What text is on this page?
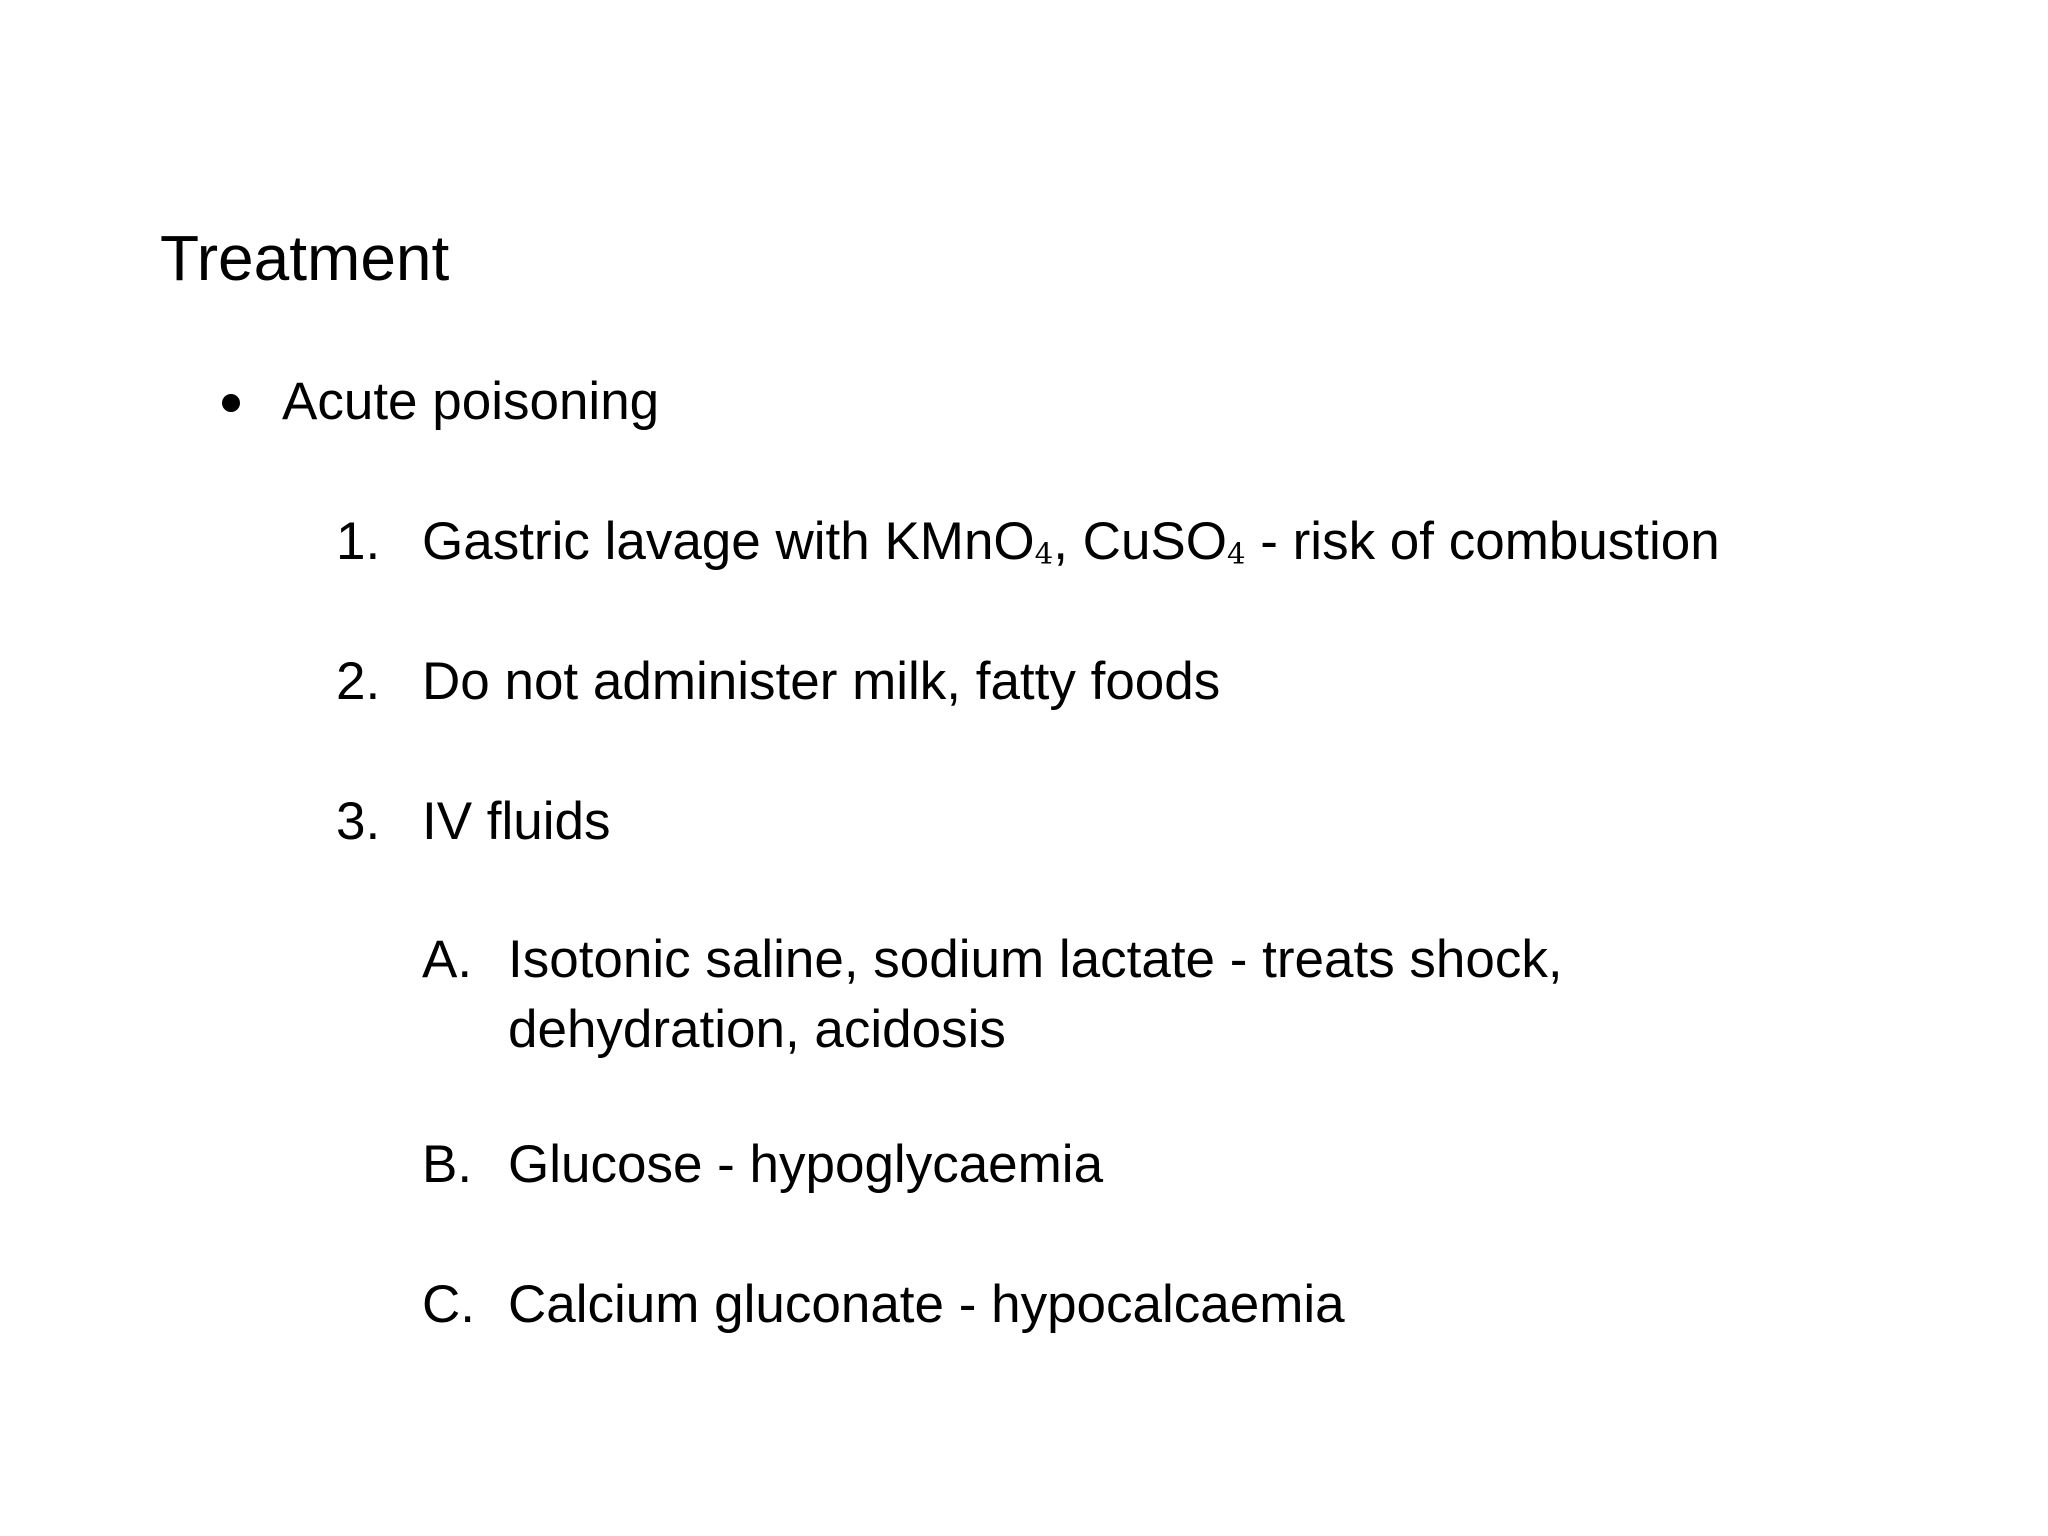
Treatment
Acute poisoning
1. Gastric lavage with KMnO$_4$, CuSO$_4$ - risk of combustion
2. Do not administer milk, fatty foods
3. IV fluids
A. Isotonic saline, sodium lactate - treats shock, dehydration, acidosis
B. Glucose - hypoglycaemia
C. Calcium gluconate - hypocalcaemia
